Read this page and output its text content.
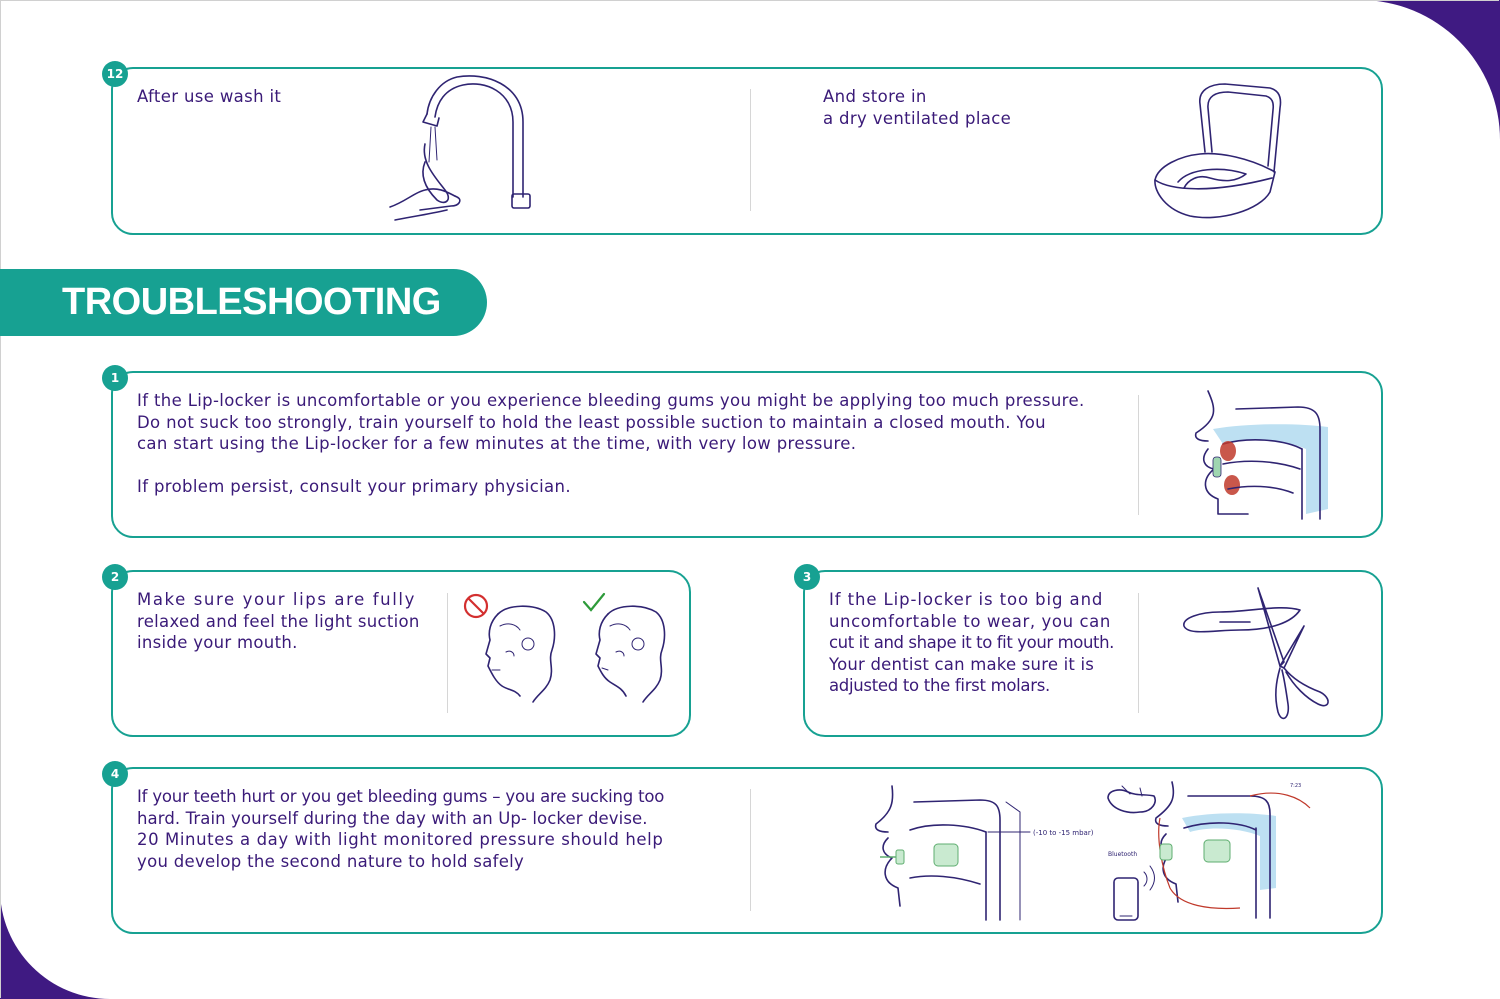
12
After use wash it	And store in
a dry ventilated place
TROUBLESHOOTING
1
If the Lip-locker is uncomfortable or you experience bleeding gums you might be applying too much pressure.
Do not suck too strongly, train yourself to hold the least possible suction to maintain a closed mouth. You
can start using the Lip-locker for a few minutes at the time, with very low pressure.
If problem persist, consult your primary physician.
2
Make sure your lips are fully
relaxed and feel the light suction
inside your mouth.
3
If the Lip-locker is too big and
uncomfortable to wear, you can
cut it and shape it to fit your mouth.
Your dentist can make sure it is
adjusted to the first molars.
4
If your teeth hurt or you get bleeding gums – you are sucking too
hard. Train yourself during the day with an Up- locker devise.
20 Minutes a day with light monitored pressure should help
you develop the second nature to hold safely
(-10 to -15 mbar)
7:23
Bluetooth
